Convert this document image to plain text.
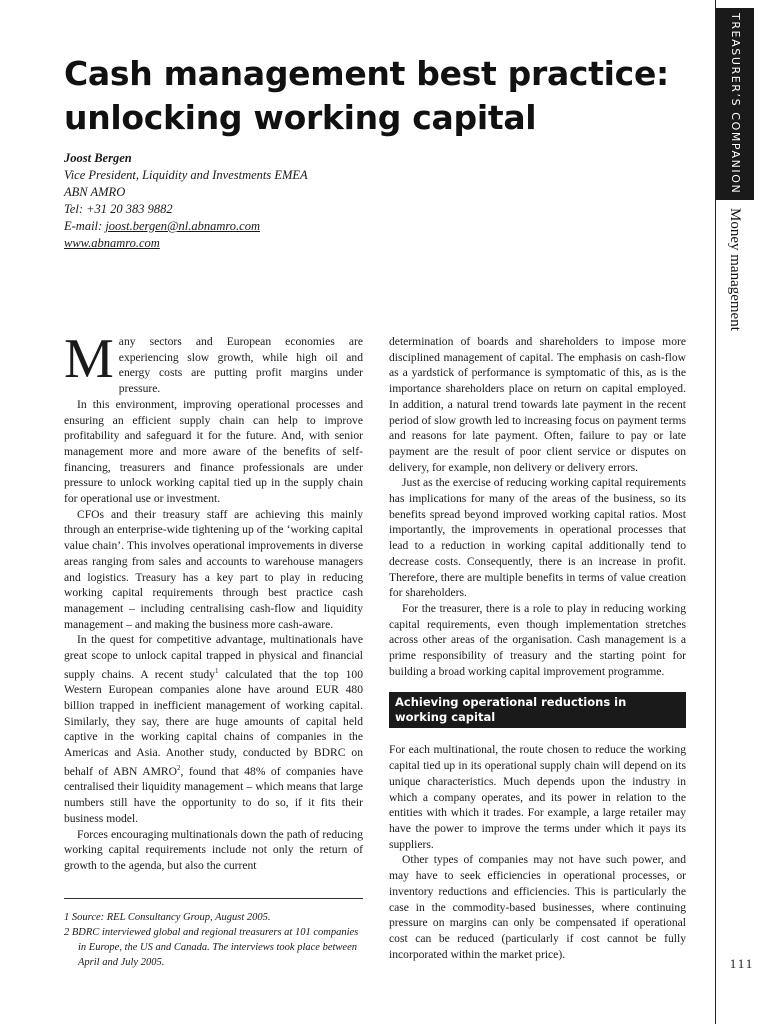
Cash management best practice: unlocking working capital
Joost Bergen
Vice President, Liquidity and Investments EMEA
ABN AMRO
Tel: +31 20 383 9882
E-mail: joost.bergen@nl.abnamro.com
www.abnamro.com

Many sectors and European economies are experiencing slow growth, while high oil and energy costs are putting profit margins under pressure.

In this environment, improving operational processes and ensuring an efficient supply chain can help to improve profitability and safeguard it for the future. And, with senior management more and more aware of the benefits of self-financing, treasurers and finance professionals are under pressure to unlock working capital tied up in the supply chain for operational use or investment.

CFOs and their treasury staff are achieving this mainly through an enterprise-wide tightening up of the ‘working capital value chain’. This involves operational improvements in diverse areas ranging from sales and accounts to warehouse managers and logistics. Treasury has a key part to play in reducing working capital requirements through best practice cash management – including centralising cash-flow and liquidity management – and making the business more cash-aware.

In the quest for competitive advantage, multinationals have great scope to unlock capital trapped in physical and financial supply chains. A recent study$^1$ calculated that the top 100 Western European companies alone have around EUR 480 billion trapped in inefficient management of working capital. Similarly, they say, there are huge amounts of capital held captive in the working capital chains of companies in the Americas and Asia. Another study, conducted by BDRC on behalf of ABN AMRO$^2$, found that 48% of companies have centralised their liquidity management – which means that large numbers still have the opportunity to do so, if it fits their business model.

Forces encouraging multinationals down the path of reducing working capital requirements include not only the return of growth to the agenda, but also the current

1 Source: REL Consultancy Group, August 2005.
2 BDRC interviewed global and regional treasurers at 101 companies in Europe, the US and Canada. The interviews took place between April and July 2005.

determination of boards and shareholders to impose more disciplined management of capital. The emphasis on cash-flow as a yardstick of performance is symptomatic of this, as is the importance shareholders place on return on capital employed. In addition, a natural trend towards late payment in the recent period of slow growth led to increasing focus on payment terms and reasons for late payment. Often, failure to pay or late payment are the result of poor client service or disputes on delivery, for example, non delivery or delivery errors.

Just as the exercise of reducing working capital requirements has implications for many of the areas of the business, so its benefits spread beyond improved working capital ratios. Most importantly, the improvements in operational processes that lead to a reduction in working capital additionally tend to decrease costs. Consequently, there is an increase in profit. Therefore, there are multiple benefits in terms of value creation for shareholders.

For the treasurer, there is a role to play in reducing working capital requirements, even though implementation stretches across other areas of the organisation. Cash management is a prime responsibility of treasury and the starting point for building a broad working capital improvement programme.

Achieving operational reductions in working capital

For each multinational, the route chosen to reduce the working capital tied up in its operational supply chain will depend on its unique characteristics. Much depends upon the industry in which a company operates, and its power in relation to the entities with which it trades. For example, a large retailer may have the power to improve the terms under which it pays its suppliers.

Other types of companies may not have such power, and may have to seek efficiencies in operational processes, or inventory reductions and efficiencies. This is particularly the case in the commodity-based businesses, where continuing pressure on margins can only be compensated if operational cost can be reduced (particularly if cost cannot be fully incorporated within the market price).

TREASURER’S COMPANION
Money management
111
